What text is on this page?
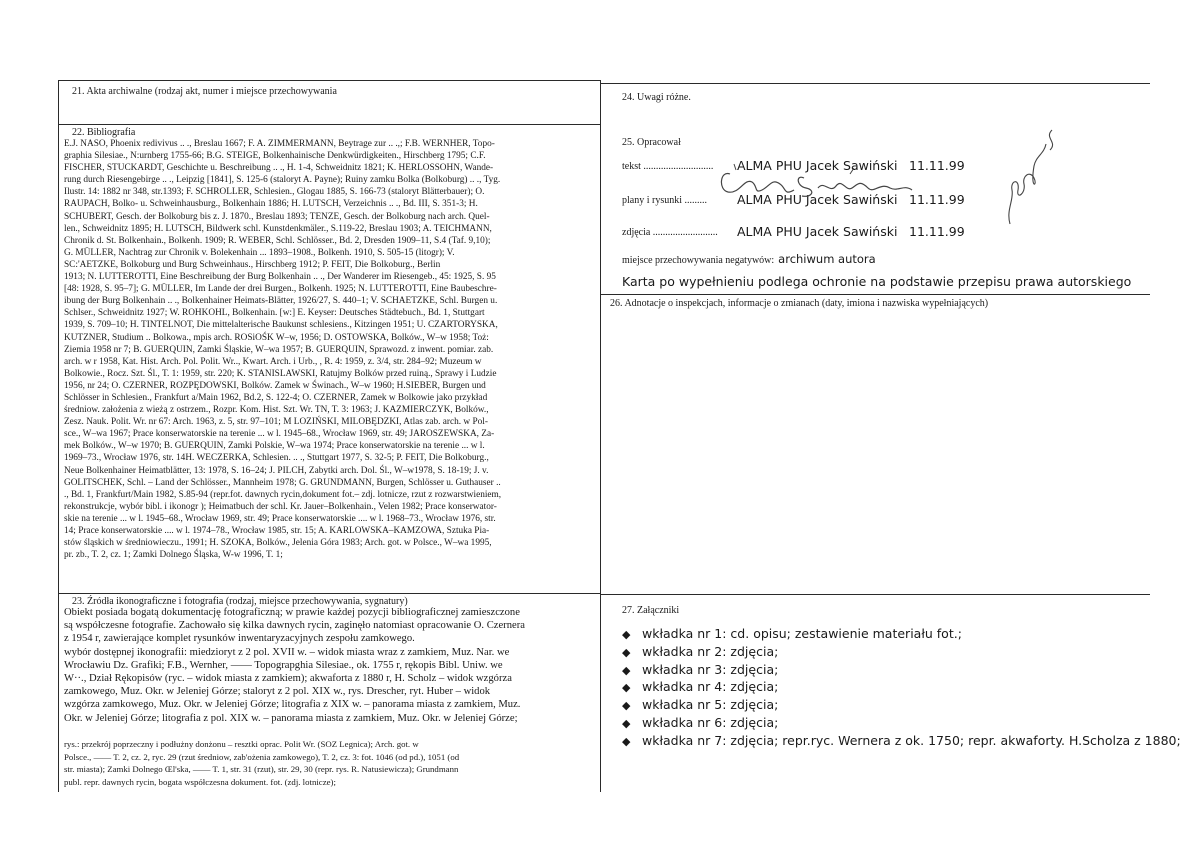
21. Akta archiwalne (rodzaj akt, numer i miejsce przechowywania
22. Bibliografia
E.J. NASO, Phoenix redivivus .. ., Breslau 1667; F. A. ZIMMERMANN, Beytrage zur .. .,; F.B. WERNHER, Topo-
graphia Silesiae., N:urnberg 1755-66; B.G. STEIGE, Bolkenhainische Denkwürdigkeiten., Hirschberg 1795; C.F.
FISCHER, STUCKARDT, Geschichte u. Beschreibung .. ., H. 1-4, Schweidnitz 1821; K. HERLOSSOHN, Wande-
rung durch Riesengebirge .. ., Leipzig [1841], S. 125-6 (staloryt A. Payne); Ruiny zamku Bolka (Bolkoburg) .. ., Tyg.
Ilustr. 14: 1882 nr 348, str.1393; F. SCHROLLER, Schlesien., Glogau 1885, S. 166-73 (staloryt Blätterbauer); O.
RAUPACH, Bolko- u. Schweinhausburg., Bolkenhain 1886; H. LUTSCH, Verzeichnis .. ., Bd. III, S. 351-3; H.
SCHUBERT, Gesch. der Bolkoburg bis z. J. 1870., Breslau 1893; TENZE, Gesch. der Bolkoburg nach arch. Quel-
len., Schweidnitz 1895; H. LUTSCH, Bildwerk schl. Kunstdenkmäler., S.119-22, Breslau 1903; A. TEICHMANN,
Chronik d. St. Bolkenhain., Bolkenh. 1909; R. WEBER, Schl. Schlösser., Bd. 2, Dresden 1909–11, S.4 (Taf. 9,10);
G. MÜLLER, Nachtrag zur Chronik v. Bolekenhain ... 1893–1908., Bolkenh. 1910, S. 505-15 (litogr); V.
SC:'AETZKE, Bolkoburg und Burg Schweinhaus., Hirschberg 1912; P. FEIT, Die Bolkoburg., Berlin
1913; N. LUTTEROTTI, Eine Beschreibung der Burg Bolkenhain .. ., Der Wanderer im Riesengeb., 45: 1925, S. 95
[48: 1928, S. 95–7]; G. MÜLLER, Im Lande der drei Burgen., Bolkenh. 1925; N. LUTTEROTTI, Eine Baubeschre-
ibung der Burg Bolkenhain .. ., Bolkenhainer Heimats-Blätter, 1926/27, S. 440–1; V. SCHAETZKE, Schl. Burgen u.
Schlser., Schweidnitz 1927; W. ROHKOHL, Bolkenhain. [w:] E. Keyser: Deutsches Städtebuch., Bd. 1, Stuttgart
1939, S. 709–10; H. TINTELNOT, Die mittelalterische Baukunst schlesiens., Kitzingen 1951; U. CZARTORYSKA,
KUTZNER, Studium .. Bolkowa., mpis arch. ROSiOŚK W–w, 1956; D. OSTOWSKA, Bolków., W–w 1958; Toż:
Ziemia 1958 nr 7; B. GUERQUIN, Zamki Śląskie, W–wa 1957; B. GUERQUIN, Sprawozd. z inwent. pomiar. zab.
arch. w r 1958, Kat. Hist. Arch. Pol. Polit. Wr.., Kwart. Arch. i Urb., , R. 4: 1959, z. 3/4, str. 284–92; Muzeum w
Bolkowie., Rocz. Szt. Śl., T. 1: 1959, str. 220; K. STANISLAWSKI, Ratujmy Bolków przed ruiną., Sprawy i Ludzie
1956, nr 24; O. CZERNER, ROZPĘDOWSKI, Bolków. Zamek w Świnach., W–w 1960; H.SIEBER, Burgen und
Schlösser in Schlesien., Frankfurt a/Main 1962, Bd.2, S. 122-4; O. CZERNER, Zamek w Bolkowie jako przykład
średniow. założenia z wieżą z ostrzem., Rozpr. Kom. Hist. Szt. Wr. TN, T. 3: 1963; J. KAZMIERCZYK, Bolków.,
Zesz. Nauk. Polit. Wr. nr 67: Arch. 1963, z. 5, str. 97–101; M LOZIŃSKI, MILOBĘDZKI, Atlas zab. arch. w Pol-
sce., W–wa 1967; Prace konserwatorskie na terenie ... w l. 1945–68., Wrocław 1969, str. 49; JAROSZEWSKA, Za-
mek Bolków., W–w 1970; B. GUERQUIN, Zamki Polskie, W–wa 1974; Prace konserwatorskie na terenie ... w l.
1969–73., Wrocław 1976, str. 14H. WECZERKA, Schlesien. .. ., Stuttgart 1977, S. 32-5; P. FEIT, Die Bolkoburg.,
Neue Bolkenhainer Heimatblätter, 13: 1978, S. 16–24; J. PILCH, Zabytki arch. Dol. Śl., W–w1978, S. 18-19; J. v.
GOLITSCHEK, Schl. – Land der Schlösser., Mannheim 1978; G. GRUNDMANN, Burgen, Schlösser u. Guthauser ..
., Bd. 1, Frankfurt/Main 1982, S.85-94 (repr.fot. dawnych rycin,dokument fot.– zdj. lotnicze, rzut z rozwarstwieniem,
rekonstrukcje, wybór bibl. i ikonogr ); Heimatbuch der schl. Kr. Jauer–Bolkenhain., Velen 1982; Prace konserwator-
skie na terenie ... w l. 1945–68., Wrocław 1969, str. 49; Prace konserwatorskie .... w l. 1968–73., Wrocław 1976, str.
14; Prace konserwatorskie .... w l. 1974–78., Wrocław 1985, str. 15; A. KARLOWSKA–KAMZOWA, Sztuka Pia-
stów śląskich w średniowieczu., 1991; H. SZOKA, Bolków., Jelenia Góra 1983; Arch. got. w Polsce., W–wa 1995,
pr. zb., T. 2, cz. 1; Zamki Dolnego Śląska, W-w 1996, T. 1;
23. Źródła ikonograficzne i fotografia (rodzaj, miejsce przechowywania, sygnatury)
Obiekt posiada bogatą dokumentację fotograficzną; w prawie każdej pozycji bibliograficznej zamieszczone
są współczesne fotografie. Zachowało się kilka dawnych rycin, zaginęło natomiast opracowanie O. Czernera
z 1954 r, zawierające komplet rysunków inwentaryzacyjnych zespołu zamkowego.
wybór dostępnej ikonografii: miedzioryt z 2 pol. XVII w. – widok miasta wraz z zamkiem, Muz. Nar. we
Wrocławiu Dz. Grafiki; F.B., Wernher, —— Topograpghia Silesiae., ok. 1755 r, rękopis Bibl. Uniw. we
W··., Dział Rękopisów (ryc. – widok miasta z zamkiem); akwaforta z 1880 r, H. Scholz – widok wzgórza
zamkowego, Muz. Okr. w Jeleniej Górze; staloryt z 2 pol. XIX w., rys. Drescher, ryt. Huber – widok
wzgórza zamkowego, Muz. Okr. w Jeleniej Górze; litografia z XIX w. – panorama miasta z zamkiem, Muz.
Okr. w Jeleniej Górze; litografia z pol. XIX w. – panorama miasta z zamkiem, Muz. Okr. w Jeleniej Górze;
rys.: przekrój poprzeczny i podłużny donżonu – resztki oprac. Polit Wr. (SOZ Legnica); Arch. got. w
Polsce., —— T. 2, cz. 2, ryc. 29 (rzut średniow, zab'ożenia zamkowego), T. 2, cz. 3: fot. 1046 (od pd.), 1051 (od
str. miasta); Zamki Dolnego Œl'ska, —— T. 1, str. 31 (rzut), str. 29, 30 (repr. rys. R. Natusiewicza); Grundmann
publ. repr. dawnych rycin, bogata współczesna dokument. fot. (zdj. lotnicze);
24. Uwagi różne.
25. Opracował
tekst ............................ ALMA PHU Jacek Sawiński 11.11.99
plany i rysunki ......... ALMA PHU Jacek Sawiński 11.11.99
zdjęcia .......................... ALMA PHU Jacek Sawiński 11.11.99
miejsce przechowywania negatywów: archiwum autora
Karta po wypełnieniu podlega ochronie na podstawie przepisu prawa autorskiego
26. Adnotacje o inspekcjach, informacje o zmianach (daty, imiona i nazwiska wypełniających)
27. Załączniki
◆ wkładka nr 1: cd. opisu; zestawienie materiału fot.;
◆ wkładka nr 2: zdjęcia;
◆ wkładka nr 3: zdjęcia;
◆ wkładka nr 4: zdjęcia;
◆ wkładka nr 5: zdjęcia;
◆ wkładka nr 6: zdjęcia;
◆ wkładka nr 7: zdjęcia; repr.ryc. Wernera z ok. 1750; repr. akwaforty. H.Scholza z 1880;
